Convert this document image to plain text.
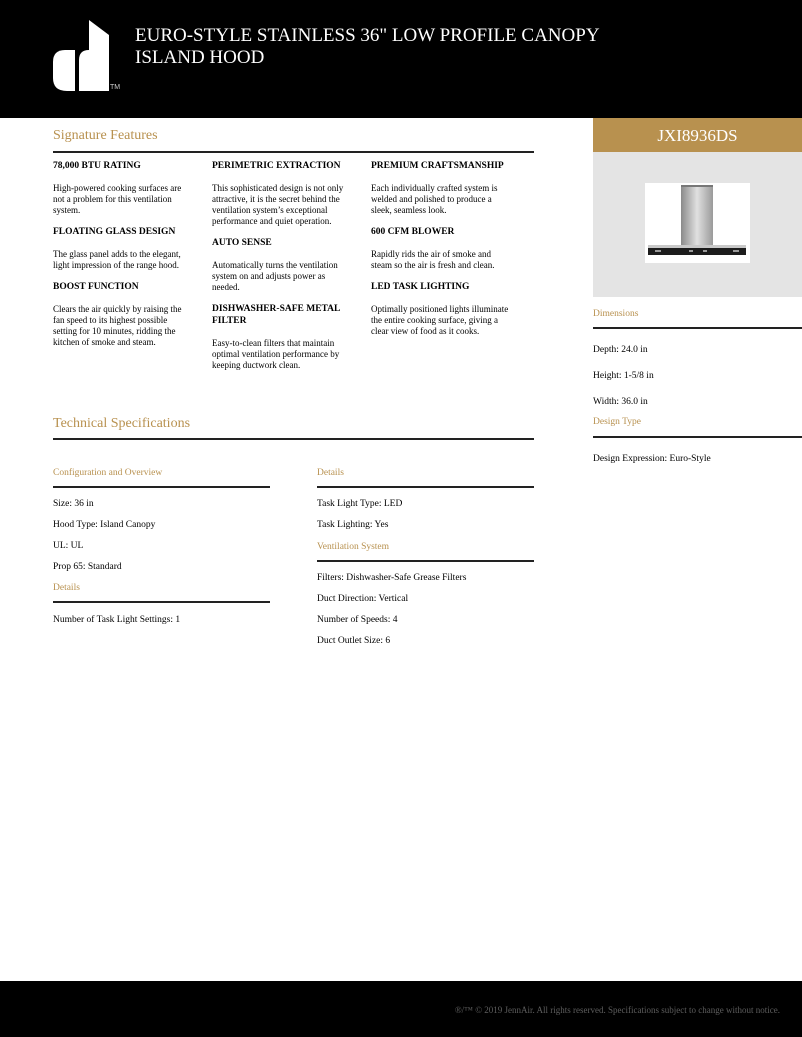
TM
EURO-STYLE STAINLESS 36" LOW PROFILE CANOPY
ISLAND HOOD
Signature Features
78,000 BTU RATING
High-powered cooking surfaces are not a problem for this ventilation system.
FLOATING GLASS DESIGN
The glass panel adds to the elegant, light impression of the range hood.
BOOST FUNCTION
Clears the air quickly by raising the fan speed to its highest possible setting for 10 minutes, ridding the kitchen of smoke and steam.
PERIMETRIC EXTRACTION
This sophisticated design is not only attractive, it is the secret behind the ventilation system’s exceptional performance and quiet operation.
AUTO SENSE
Automatically turns the ventilation system on and adjusts power as needed.
DISHWASHER-SAFE METAL FILTER
Easy-to-clean filters that maintain optimal ventilation performance by keeping ductwork clean.
PREMIUM CRAFTSMANSHIP
Each individually crafted system is welded and polished to produce a sleek, seamless look.
600 CFM BLOWER
Rapidly rids the air of smoke and steam so the air is fresh and clean.
LED TASK LIGHTING
Optimally positioned lights illuminate the entire cooking surface, giving a clear view of food as it cooks.
Technical Specifications
Configuration and Overview
Size: 36 in
Hood Type: Island Canopy
UL: UL
Prop 65: Standard
Details
Number of Task Light Settings: 1
Details
Task Light Type: LED
Task Lighting: Yes
Ventilation System
Filters: Dishwasher-Safe Grease Filters
Duct Direction: Vertical
Number of Speeds: 4
Duct Outlet Size: 6
JXI8936DS
Dimensions
Depth: 24.0 in
Height: 1-5/8 in
Width: 36.0 in
Design Type
Design Expression: Euro-Style
®/™ © 2019 JennAir. All rights reserved. Specifications subject to change without notice.
